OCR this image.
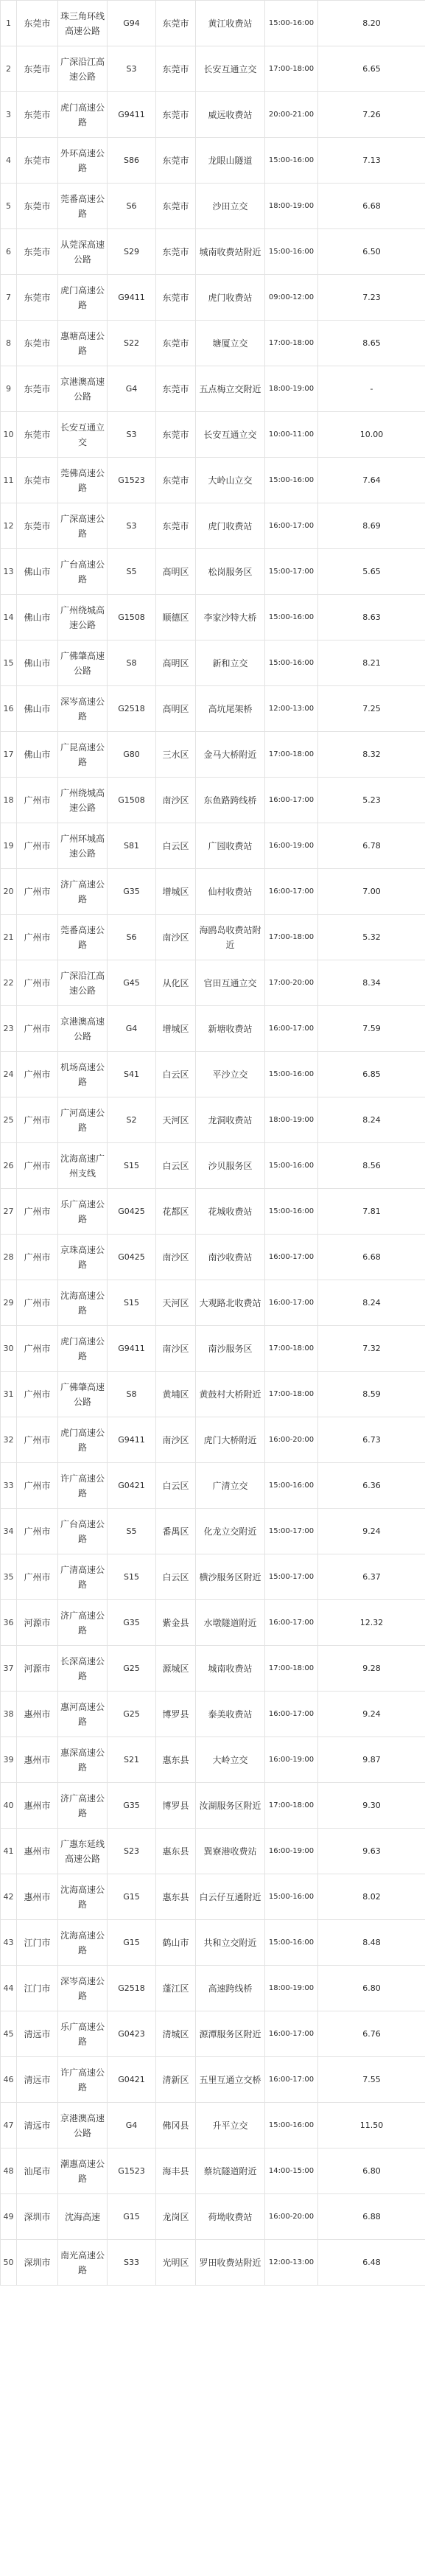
1	东莞市	珠三角环线高速公路	G94	东莞市	黄江收费站	15:00-16:00	8.20
2	东莞市	广深沿江高速公路	S3	东莞市	长安互通立交	17:00-18:00	6.65
3	东莞市	虎门高速公路	G9411	东莞市	威远收费站	20:00-21:00	7.26
4	东莞市	外环高速公路	S86	东莞市	龙眼山隧道	15:00-16:00	7.13
5	东莞市	莞番高速公路	S6	东莞市	沙田立交	18:00-19:00	6.68
6	东莞市	从莞深高速公路	S29	东莞市	城南收费站附近	15:00-16:00	6.50
7	东莞市	虎门高速公路	G9411	东莞市	虎门收费站	09:00-12:00	7.23
8	东莞市	惠塘高速公路	S22	东莞市	塘厦立交	17:00-18:00	8.65
9	东莞市	京港澳高速公路	G4	东莞市	五点梅立交附近	18:00-19:00	-
10	东莞市	长安互通立交	S3	东莞市	长安互通立交	10:00-11:00	10.00
11	东莞市	莞佛高速公路	G1523	东莞市	大岭山立交	15:00-16:00	7.64
12	东莞市	广深高速公路	S3	东莞市	虎门收费站	16:00-17:00	8.69
13	佛山市	广台高速公路	S5	高明区	松岗服务区	15:00-17:00	5.65
14	佛山市	广州绕城高速公路	G1508	顺德区	李家沙特大桥	15:00-16:00	8.63
15	佛山市	广佛肇高速公路	S8	高明区	新和立交	15:00-16:00	8.21
16	佛山市	深岑高速公路	G2518	高明区	高坑尾架桥	12:00-13:00	7.25
17	佛山市	广昆高速公路	G80	三水区	金马大桥附近	17:00-18:00	8.32
18	广州市	广州绕城高速公路	G1508	南沙区	东鱼路跨线桥	16:00-17:00	5.23
19	广州市	广州环城高速公路	S81	白云区	广园收费站	16:00-19:00	6.78
20	广州市	济广高速公路	G35	增城区	仙村收费站	16:00-17:00	7.00
21	广州市	莞番高速公路	S6	南沙区	海鸥岛收费站附近	17:00-18:00	5.32
22	广州市	广深沿江高速公路	G45	从化区	官田互通立交	17:00-20:00	8.34
23	广州市	京港澳高速公路	G4	增城区	新塘收费站	16:00-17:00	7.59
24	广州市	机场高速公路	S41	白云区	平沙立交	15:00-16:00	6.85
25	广州市	广河高速公路	S2	天河区	龙洞收费站	18:00-19:00	8.24
26	广州市	沈海高速广州支线	S15	白云区	沙贝服务区	15:00-16:00	8.56
27	广州市	乐广高速公路	G0425	花都区	花城收费站	15:00-16:00	7.81
28	广州市	京珠高速公路	G0425	南沙区	南沙收费站	16:00-17:00	6.68
29	广州市	沈海高速公路	S15	天河区	大观路北收费站	16:00-17:00	8.24
30	广州市	虎门高速公路	G9411	南沙区	南沙服务区	17:00-18:00	7.32
31	广州市	广佛肇高速公路	S8	黄埔区	黄鼓村大桥附近	17:00-18:00	8.59
32	广州市	虎门高速公路	G9411	南沙区	虎门大桥附近	16:00-20:00	6.73
33	广州市	许广高速公路	G0421	白云区	广清立交	15:00-16:00	6.36
34	广州市	广台高速公路	S5	番禺区	化龙立交附近	15:00-17:00	9.24
35	广州市	广清高速公路	S15	白云区	横沙服务区附近	15:00-17:00	6.37
36	河源市	济广高速公路	G35	紫金县	水墩隧道附近	16:00-17:00	12.32
37	河源市	长深高速公路	G25	源城区	城南收费站	17:00-18:00	9.28
38	惠州市	惠河高速公路	G25	博罗县	泰美收费站	16:00-17:00	9.24
39	惠州市	惠深高速公路	S21	惠东县	大岭立交	16:00-19:00	9.87
40	惠州市	济广高速公路	G35	博罗县	汝湖服务区附近	17:00-18:00	9.30
41	惠州市	广惠东延线高速公路	S23	惠东县	巽寮港收费站	16:00-19:00	9.63
42	惠州市	沈海高速公路	G15	惠东县	白云仔互通附近	15:00-16:00	8.02
43	江门市	沈海高速公路	G15	鹤山市	共和立交附近	15:00-16:00	8.48
44	江门市	深岑高速公路	G2518	蓬江区	高速跨线桥	18:00-19:00	6.80
45	清远市	乐广高速公路	G0423	清城区	源潭服务区附近	16:00-17:00	6.76
46	清远市	许广高速公路	G0421	清新区	五里互通立交桥	16:00-17:00	7.55
47	清远市	京港澳高速公路	G4	佛冈县	升平立交	15:00-16:00	11.50
48	汕尾市	潮惠高速公路	G1523	海丰县	蔡坑隧道附近	14:00-15:00	6.80
49	深圳市	沈海高速	G15	龙岗区	荷坳收费站	16:00-20:00	6.88
50	深圳市	南光高速公路	S33	光明区	罗田收费站附近	12:00-13:00	6.48
